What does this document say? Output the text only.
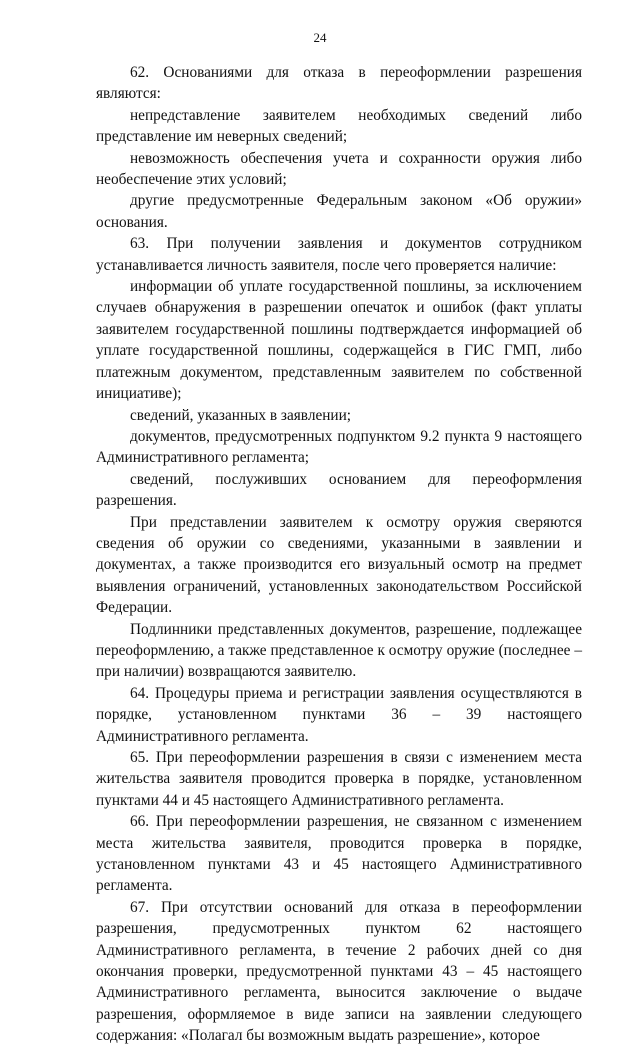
24

62. Основаниями для отказа в переоформлении разрешения являются:

непредставление заявителем необходимых сведений либо представление им неверных сведений;

невозможность обеспечения учета и сохранности оружия либо необеспечение этих условий;

другие предусмотренные Федеральным законом «Об оружии» основания.

63. При получении заявления и документов сотрудником устанавливается личность заявителя, после чего проверяется наличие:

информации об уплате государственной пошлины, за исключением случаев обнаружения в разрешении опечаток и ошибок (факт уплаты заявителем государственной пошлины подтверждается информацией об уплате государственной пошлины, содержащейся в ГИС ГМП, либо платежным документом, представленным заявителем по собственной инициативе);

сведений, указанных в заявлении;

документов, предусмотренных подпунктом 9.2 пункта 9 настоящего Административного регламента;

сведений, послуживших основанием для переоформления разрешения.

При представлении заявителем к осмотру оружия сверяются сведения об оружии со сведениями, указанными в заявлении и документах, а также производится его визуальный осмотр на предмет выявления ограничений, установленных законодательством Российской Федерации.

Подлинники представленных документов, разрешение, подлежащее переоформлению, а также представленное к осмотру оружие (последнее – при наличии) возвращаются заявителю.

64. Процедуры приема и регистрации заявления осуществляются в порядке, установленном пунктами 36 – 39 настоящего Административного регламента.

65. При переоформлении разрешения в связи с изменением места жительства заявителя проводится проверка в порядке, установленном пунктами 44 и 45 настоящего Административного регламента.

66. При переоформлении разрешения, не связанном с изменением места жительства заявителя, проводится проверка в порядке, установленном пунктами 43 и 45 настоящего Административного регламента.

67. При отсутствии оснований для отказа в переоформлении разрешения, предусмотренных пунктом 62 настоящего Административного регламента, в течение 2 рабочих дней со дня окончания проверки, предусмотренной пунктами 43 – 45 настоящего Административного регламента, выносится заключение о выдаче разрешения, оформляемое в виде записи на заявлении следующего содержания: «Полагал бы возможным выдать разрешение», которое
